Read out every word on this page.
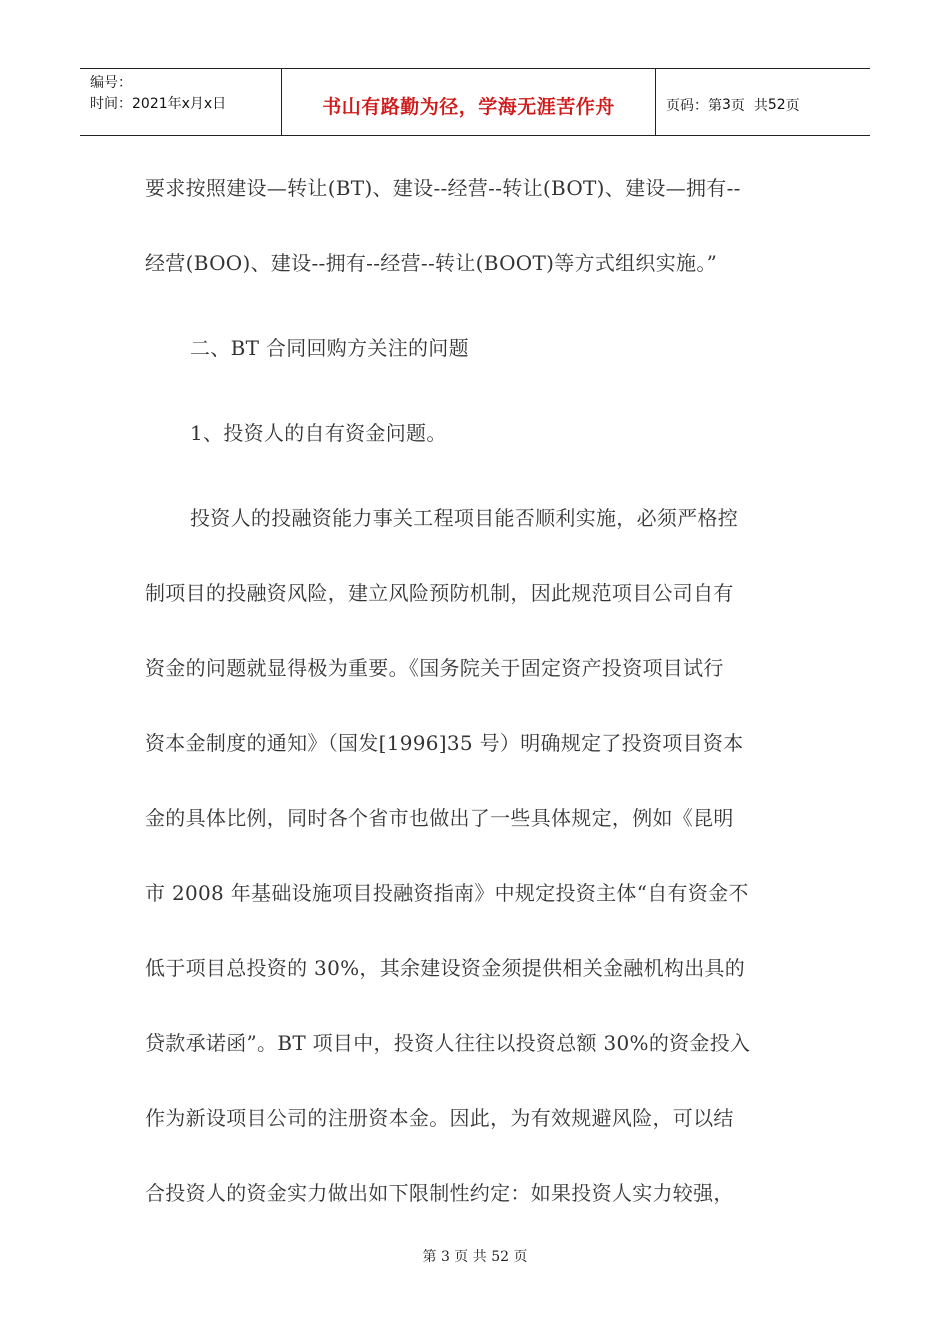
编号：
时间：2021年x月x日	书山有路勤为径，学海无涯苦作舟	页码：第 3 页  共 52 页
要求按照建设—转让(BT)、建设--经营--转让(BOT)、建设—拥有--
经营(BOO)、建设--拥有--经营--转让(BOOT)等方式组织实施。”
二、BT 合同回购方关注的问题
1、投资人的自有资金问题。
投资人的投融资能力事关工程项目能否顺利实施，必须严格控
制项目的投融资风险，建立风险预防机制，因此规范项目公司自有
资金的问题就显得极为重要。《国务院关于固定资产投资项目试行
资本金制度的通知》（国发[1996]35 号）明确规定了投资项目资本
金的具体比例，同时各个省市也做出了一些具体规定，例如《昆明
市 2008 年基础设施项目投融资指南》中规定投资主体“自有资金不
低于项目总投资的 30%，其余建设资金须提供相关金融机构出具的
贷款承诺函”。BT 项目中，投资人往往以投资总额 30%的资金投入
作为新设项目公司的注册资本金。因此，为有效规避风险，可以结
合投资人的资金实力做出如下限制性约定：如果投资人实力较强，
第 3 页 共 52 页
